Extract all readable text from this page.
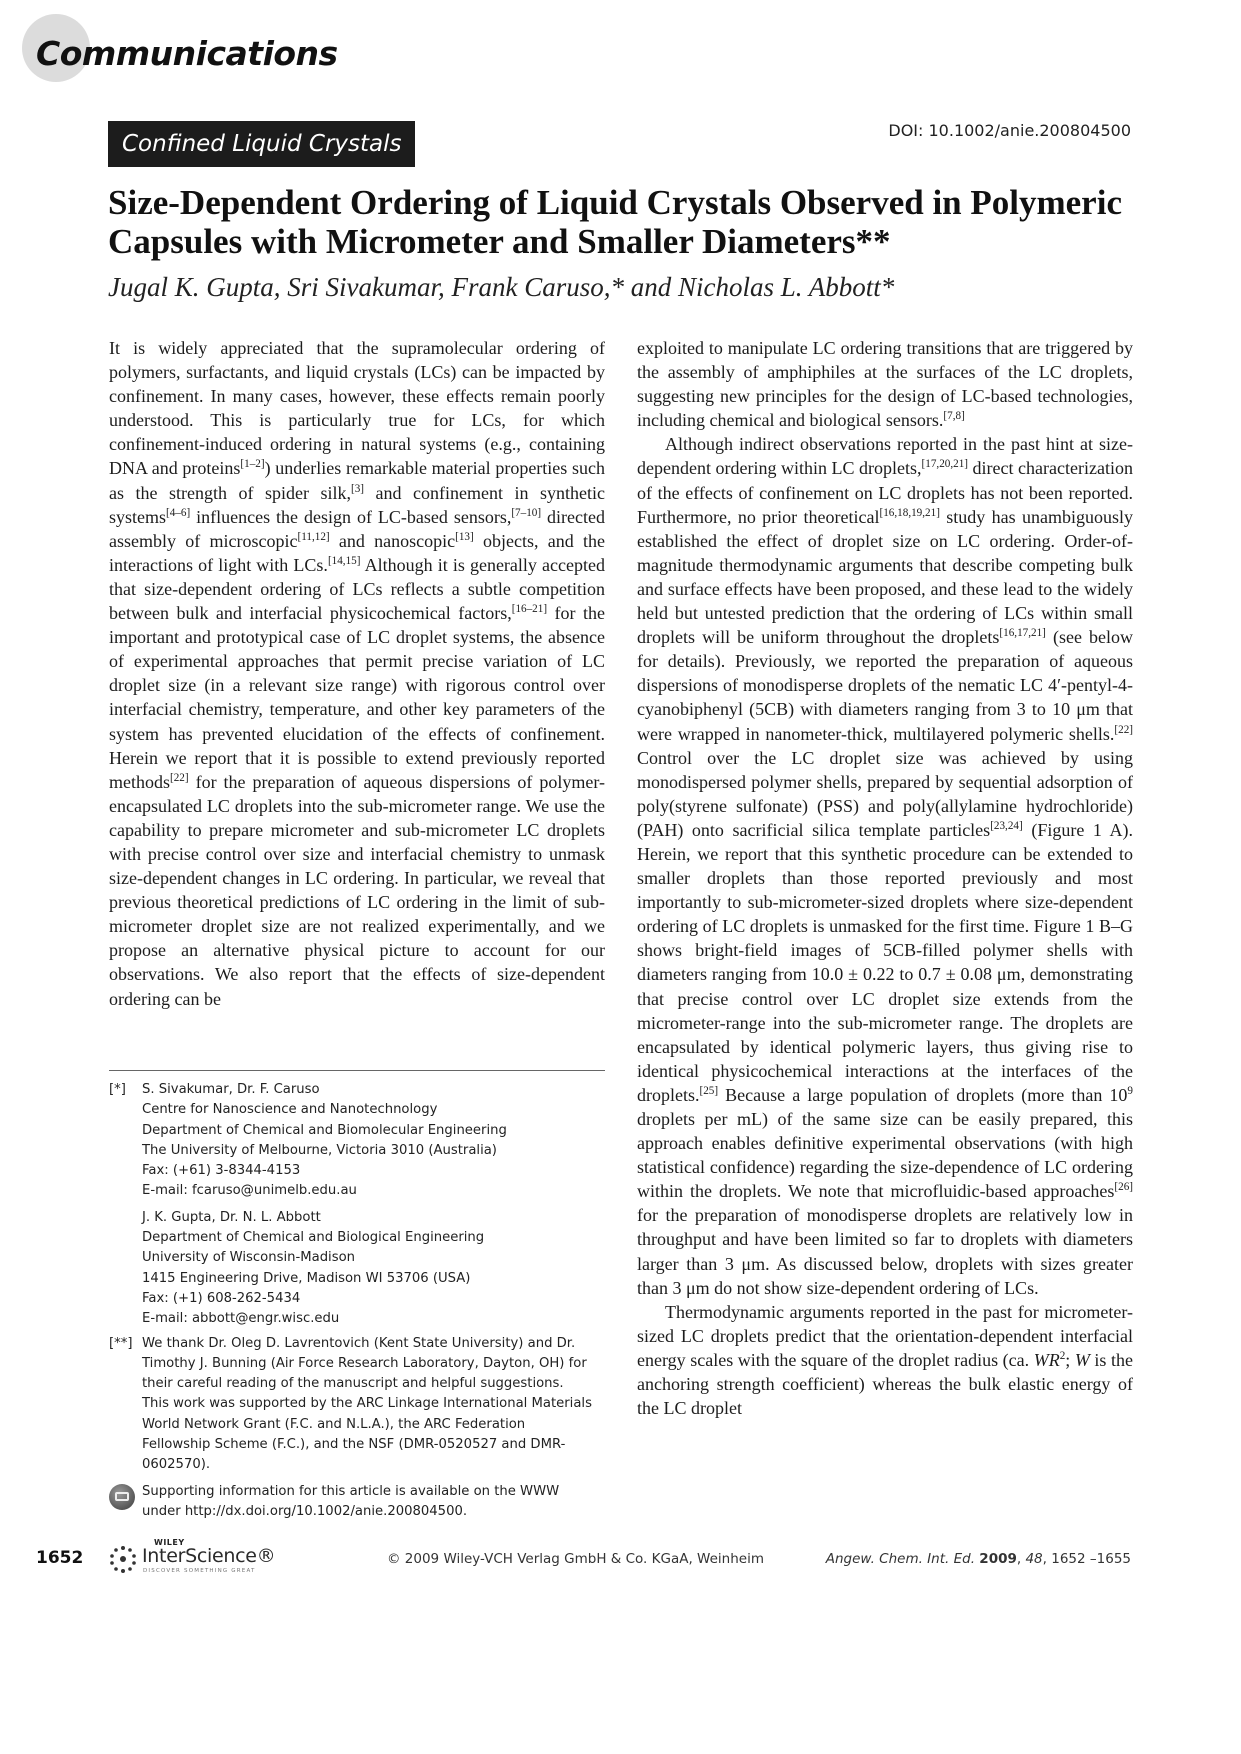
Communications
Confined Liquid Crystals
DOI: 10.1002/anie.200804500
Size-Dependent Ordering of Liquid Crystals Observed in Polymeric Capsules with Micrometer and Smaller Diameters**
Jugal K. Gupta, Sri Sivakumar, Frank Caruso,* and Nicholas L. Abbott*

It is widely appreciated that the supramolecular ordering of polymers, surfactants, and liquid crystals (LCs) can be impacted by confinement. In many cases, however, these effects remain poorly understood. This is particularly true for LCs, for which confinement-induced ordering in natural systems (e.g., containing DNA and proteins[1–2]) underlies remarkable material properties such as the strength of spider silk,[3] and confinement in synthetic systems[4–6] influences the design of LC-based sensors,[7–10] directed assembly of microscopic[11,12] and nanoscopic[13] objects, and the interactions of light with LCs.[14,15] Although it is generally accepted that size-dependent ordering of LCs reflects a subtle competition between bulk and interfacial physicochemical factors,[16–21] for the important and prototypical case of LC droplet systems, the absence of experimental approaches that permit precise variation of LC droplet size (in a relevant size range) with rigorous control over interfacial chemistry, temperature, and other key parameters of the system has prevented elucidation of the effects of confinement. Herein we report that it is possible to extend previously reported methods[22] for the preparation of aqueous dispersions of polymer-encapsulated LC droplets into the sub-micrometer range. We use the capability to prepare micrometer and sub-micrometer LC droplets with precise control over size and interfacial chemistry to unmask size-dependent changes in LC ordering. In particular, we reveal that previous theoretical predictions of LC ordering in the limit of sub-micrometer droplet size are not realized experimentally, and we propose an alternative physical picture to account for our observations. We also report that the effects of size-dependent ordering can be

[*] S. Sivakumar, Dr. F. Caruso
Centre for Nanoscience and Nanotechnology
Department of Chemical and Biomolecular Engineering
The University of Melbourne, Victoria 3010 (Australia)
Fax: (+61) 3-8344-4153
E-mail: fcaruso@unimelb.edu.au
J. K. Gupta, Dr. N. L. Abbott
Department of Chemical and Biological Engineering
University of Wisconsin-Madison
1415 Engineering Drive, Madison WI 53706 (USA)
Fax: (+1) 608-262-5434
E-mail: abbott@engr.wisc.edu
[**] We thank Dr. Oleg D. Lavrentovich (Kent State University) and Dr.
Timothy J. Bunning (Air Force Research Laboratory, Dayton, OH) for
their careful reading of the manuscript and helpful suggestions.
This work was supported by the ARC Linkage International Materials
World Network Grant (F.C. and N.L.A.), the ARC Federation
Fellowship Scheme (F.C.), and the NSF (DMR-0520527 and DMR-
0602570).
Supporting information for this article is available on the WWW
under http://dx.doi.org/10.1002/anie.200804500.

exploited to manipulate LC ordering transitions that are triggered by the assembly of amphiphiles at the surfaces of the LC droplets, suggesting new principles for the design of LC-based technologies, including chemical and biological sensors.[7,8]

Although indirect observations reported in the past hint at size-dependent ordering within LC droplets,[17,20,21] direct characterization of the effects of confinement on LC droplets has not been reported. Furthermore, no prior theoretical[16,18,19,21] study has unambiguously established the effect of droplet size on LC ordering. Order-of-magnitude thermodynamic arguments that describe competing bulk and surface effects have been proposed, and these lead to the widely held but untested prediction that the ordering of LCs within small droplets will be uniform throughout the droplets[16,17,21] (see below for details). Previously, we reported the preparation of aqueous dispersions of monodisperse droplets of the nematic LC 4′-pentyl-4-cyanobiphenyl (5CB) with diameters ranging from 3 to 10 μm that were wrapped in nanometer-thick, multilayered polymeric shells.[22] Control over the LC droplet size was achieved by using monodispersed polymer shells, prepared by sequential adsorption of poly(styrene sulfonate) (PSS) and poly(allylamine hydrochloride) (PAH) onto sacrificial silica template particles[23,24] (Figure 1 A). Herein, we report that this synthetic procedure can be extended to smaller droplets than those reported previously and most importantly to sub-micrometer-sized droplets where size-dependent ordering of LC droplets is unmasked for the first time. Figure 1 B–G shows bright-field images of 5CB-filled polymer shells with diameters ranging from 10.0 ± 0.22 to 0.7 ± 0.08 μm, demonstrating that precise control over LC droplet size extends from the micrometer-range into the sub-micrometer range. The droplets are encapsulated by identical polymeric layers, thus giving rise to identical physicochemical interactions at the interfaces of the droplets.[25] Because a large population of droplets (more than $10^9$ droplets per mL) of the same size can be easily prepared, this approach enables definitive experimental observations (with high statistical confidence) regarding the size-dependence of LC ordering within the droplets. We note that microfluidic-based approaches[26] for the preparation of monodisperse droplets are relatively low in throughput and have been limited so far to droplets with diameters larger than 3 μm. As discussed below, droplets with sizes greater than 3 μm do not show size-dependent ordering of LCs.

Thermodynamic arguments reported in the past for micrometer-sized LC droplets predict that the orientation-dependent interfacial energy scales with the square of the droplet radius (ca. $WR^2$; W is the anchoring strength coefficient) whereas the bulk elastic energy of the LC droplet

1652
WILEY
InterScience®
DISCOVER SOMETHING GREAT
© 2009 Wiley-VCH Verlag GmbH & Co. KGaA, Weinheim	Angew. Chem. Int. Ed. 2009, 48, 1652 –1655
